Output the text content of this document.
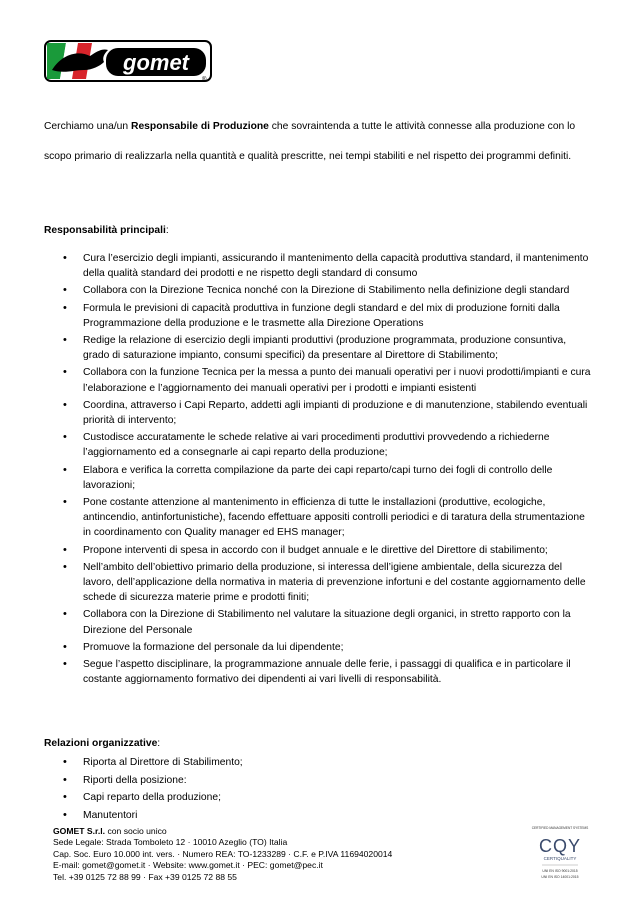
gomet
®
Cerchiamo una/un Responsabile di Produzione che sovraintenda a tutte le attività connesse alla produzione con lo scopo primario di realizzarla nella quantità e qualità prescritte, nei tempi stabiliti e nel rispetto dei programmi definiti.
Responsabilità principali:
• Cura l’esercizio degli impianti, assicurando il mantenimento della capacità produttiva standard, il mantenimento della qualità standard dei prodotti e ne rispetto degli standard di consumo
• Collabora con la Direzione Tecnica nonché con la Direzione di Stabilimento nella definizione degli standard
• Formula le previsioni di capacità produttiva in funzione degli standard e del mix di produzione forniti dalla Programmazione della produzione e le trasmette alla Direzione Operations
• Redige la relazione di esercizio degli impianti produttivi (produzione programmata, produzione consuntiva, grado di saturazione impianto, consumi specifici) da presentare al Direttore di Stabilimento;
• Collabora con la funzione Tecnica per la messa a punto dei manuali operativi per i nuovi prodotti/impianti e cura l’elaborazione e l’aggiornamento dei manuali operativi per i prodotti e impianti esistenti
• Coordina, attraverso i Capi Reparto, addetti agli impianti di produzione e di manutenzione, stabilendo eventuali priorità di intervento;
• Custodisce accuratamente le schede relative ai vari procedimenti produttivi provvedendo a richiederne l’aggiornamento ed a consegnarle ai capi reparto della produzione;
• Elabora e verifica la corretta compilazione da parte dei capi reparto/capi turno dei fogli di controllo delle lavorazioni;
• Pone costante attenzione al mantenimento in efficienza di tutte le installazioni (produttive, ecologiche, antincendio, antinfortunistiche), facendo effettuare appositi controlli periodici e di taratura della strumentazione in coordinamento con Quality manager ed EHS manager;
• Propone interventi di spesa in accordo con il budget annuale e le direttive del Direttore di stabilimento;
• Nell’ambito dell’obiettivo primario della produzione, si interessa dell’igiene ambientale, della sicurezza del lavoro, dell’applicazione della normativa in materia di prevenzione infortuni e del costante aggiornamento delle schede di sicurezza materie prime e prodotti finiti;
• Collabora con la Direzione di Stabilimento nel valutare la situazione degli organici, in stretto rapporto con la Direzione del Personale
• Promuove la formazione del personale da lui dipendente;
• Segue l’aspetto disciplinare, la programmazione annuale delle ferie, i passaggi di qualifica e in particolare il costante aggiornamento formativo dei dipendenti ai vari livelli di responsabilità.
Relazioni organizzative:
• Riporta al Direttore di Stabilimento;
• Riporti della posizione:
• Capi reparto della produzione;
• Manutentori
GOMET S.r.l. con socio unico
Sede Legale: Strada Tomboleto 12 · 10010 Azeglio (TO) Italia
Cap. Soc. Euro 10.000 int. vers. · Numero REA: TO-1233289 · C.F. e P.IVA 11694020014
E-mail: gomet@gomet.it · Website: www.gomet.it · PEC: gomet@pec.it
Tel. +39 0125 72 88 99 · Fax +39 0125 72 88 55
CERTIFIED MANAGEMENT SYSTEMS
CQY
CERTIQUALITY
UNI EN ISO 9001:2015
UNI EN ISO 14001:2015
